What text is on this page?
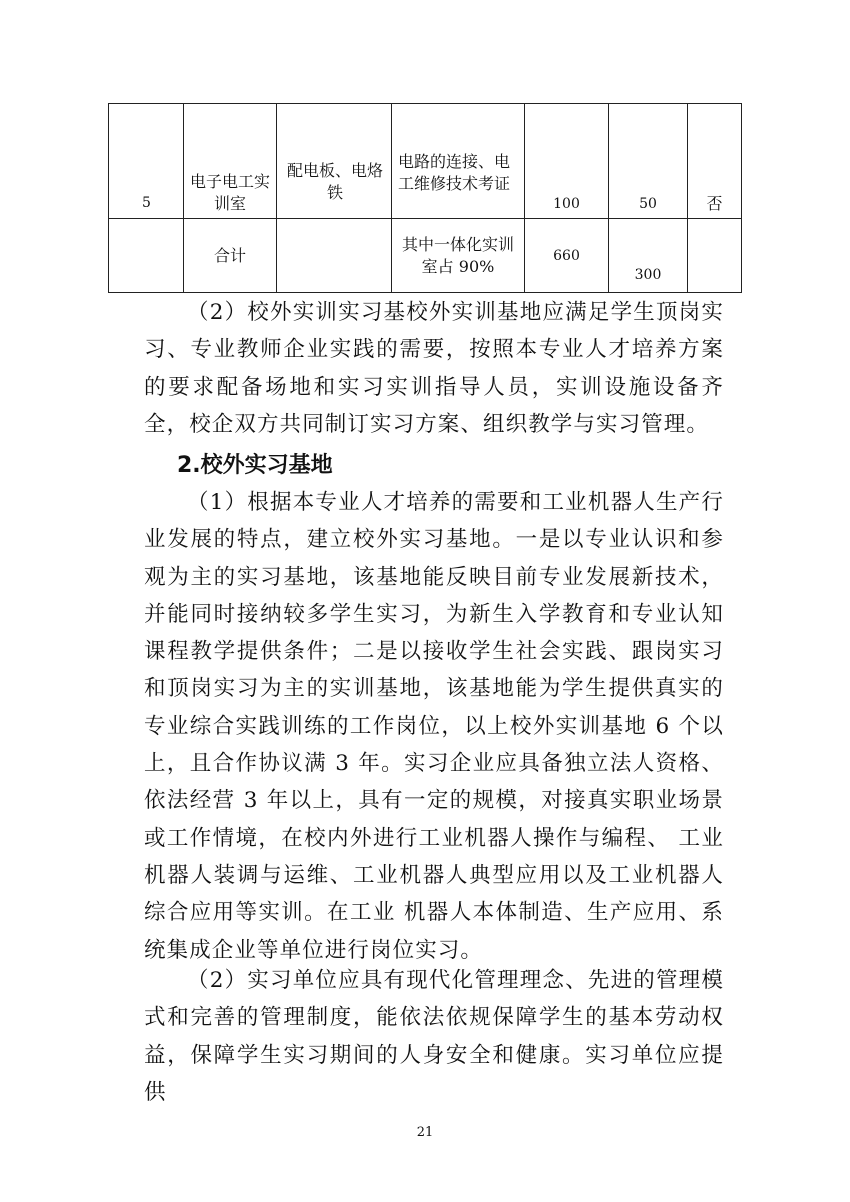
5	电子电工实训室	配电板、电烙铁	电路的连接、电工维修技术考证	100	50	否

	合计		其中一体化实训室占 90%	660	300	

（2）校外实训实习基校外实训基地应满足学生顶岗实习、专业教师企业实践的需要，按照本专业人才培养方案的要求配备场地和实习实训指导人员，实训设施设备齐全，校企双方共同制订实习方案、组织教学与实习管理。

2.校外实习基地

（1）根据本专业人才培养的需要和工业机器人生产行业发展的特点，建立校外实习基地。一是以专业认识和参观为主的实习基地，该基地能反映目前专业发展新技术，并能同时接纳较多学生实习，为新生入学教育和专业认知课程教学提供条件；二是以接收学生社会实践、跟岗实习和顶岗实习为主的实训基地，该基地能为学生提供真实的专业综合实践训练的工作岗位，以上校外实训基地 6 个以上，且合作协议满 3 年。实习企业应具备独立法人资格、依法经营 3 年以上，具有一定的规模，对接真实职业场景或工作情境，在校内外进行工业机器人操作与编程、 工业机器人装调与运维、工业机器人典型应用以及工业机器人综合应用等实训。在工业 机器人本体制造、生产应用、系统集成企业等单位进行岗位实习。

（2）实习单位应具有现代化管理理念、先进的管理模式和完善的管理制度，能依法依规保障学生的基本劳动权益，保障学生实习期间的人身安全和健康。实习单位应提供

21
